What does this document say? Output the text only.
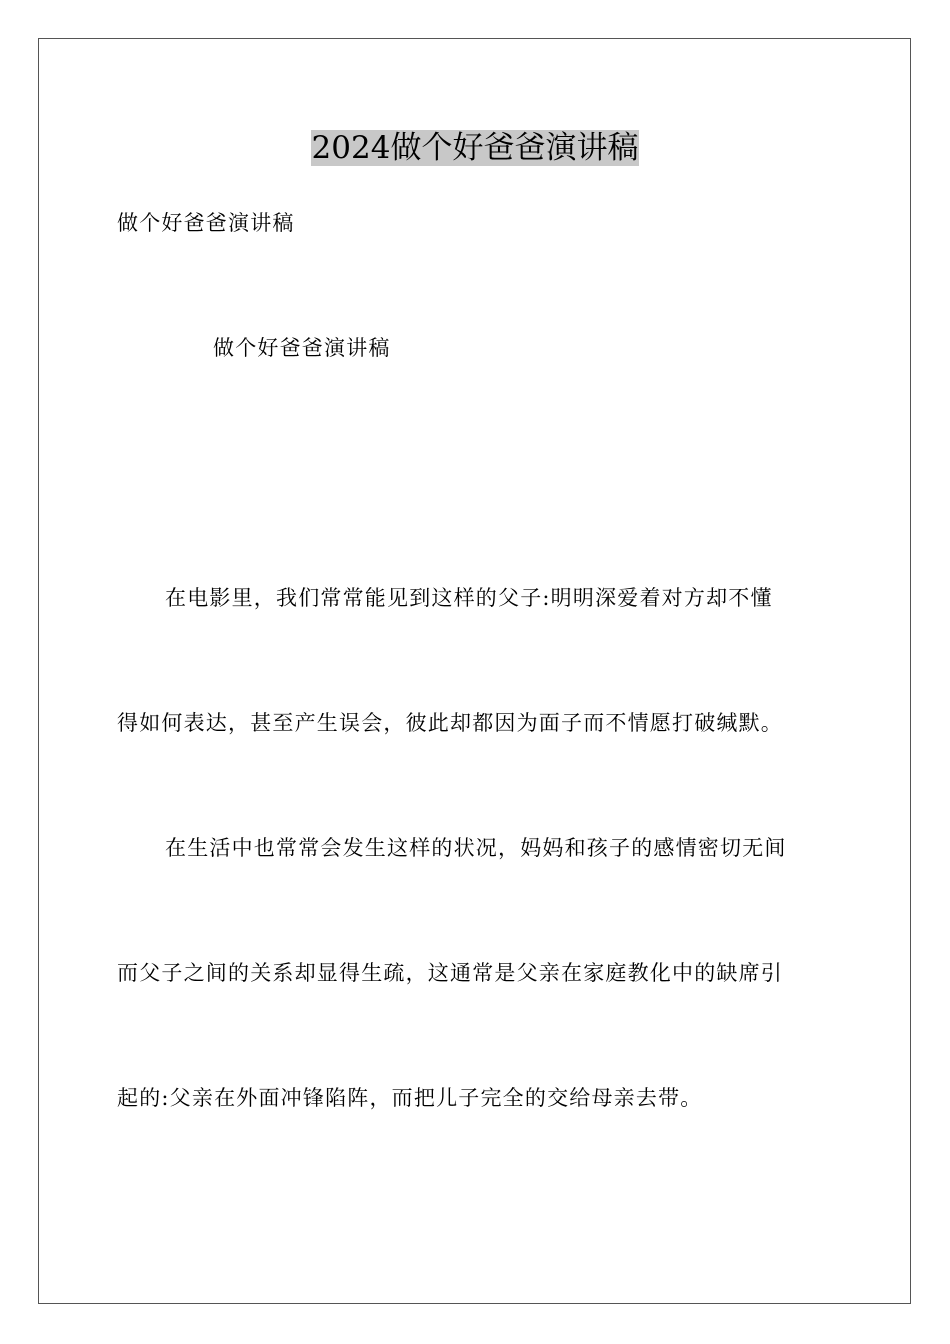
2024做个好爸爸演讲稿
做个好爸爸演讲稿
做个好爸爸演讲稿
在电影里，我们常常能见到这样的父子:明明深爱着对方却不懂
得如何表达，甚至产生误会，彼此却都因为面子而不情愿打破缄默。
在生活中也常常会发生这样的状况，妈妈和孩子的感情密切无间
而父子之间的关系却显得生疏，这通常是父亲在家庭教化中的缺席引
起的:父亲在外面冲锋陷阵，而把儿子完全的交给母亲去带。
